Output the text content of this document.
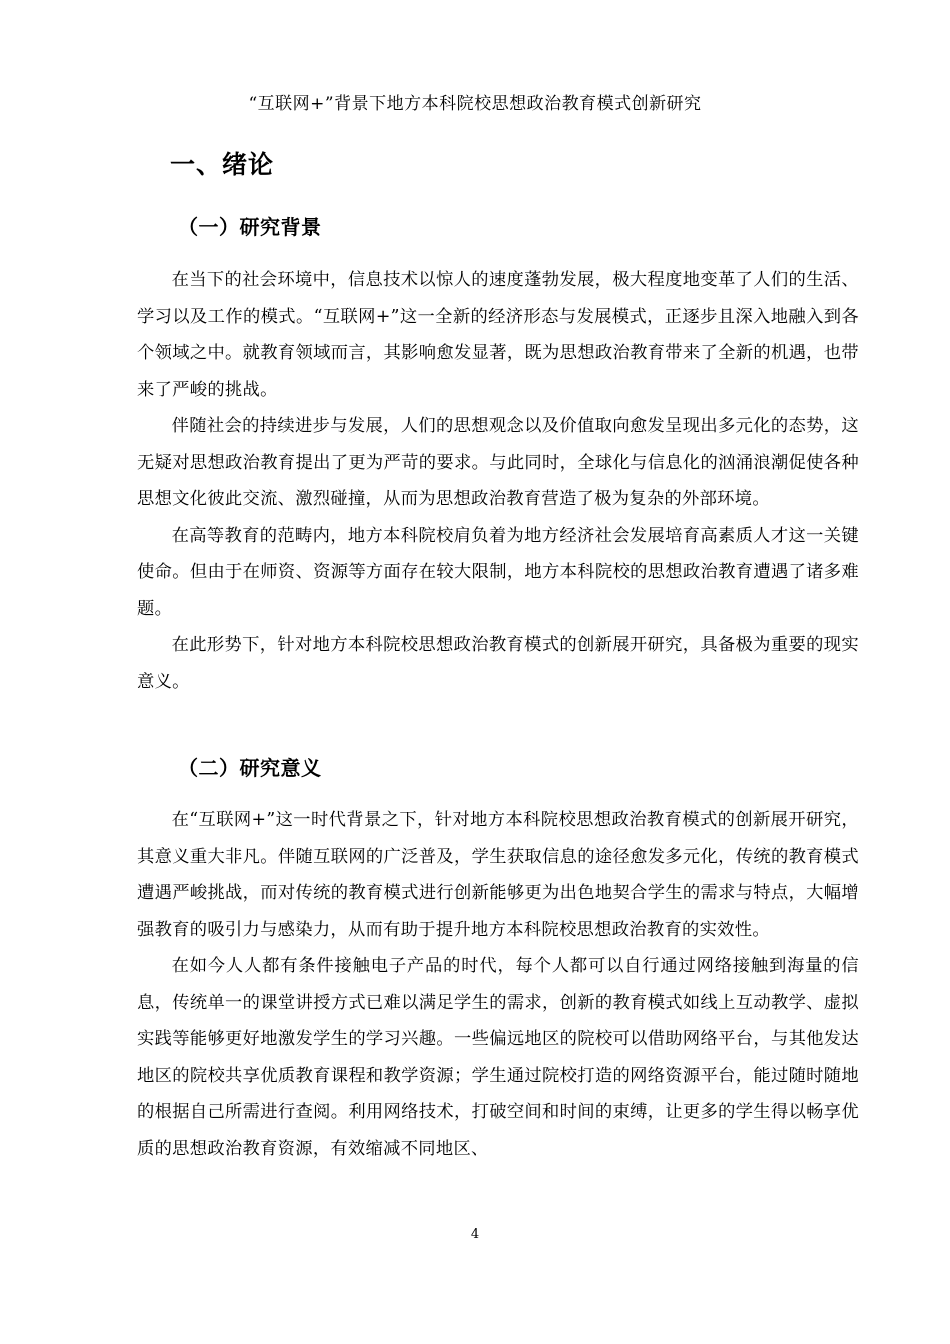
“互联网+”背景下地方本科院校思想政治教育模式创新研究
一、绪论
（一）研究背景

在当下的社会环境中，信息技术以惊人的速度蓬勃发展，极大程度地变革了人们的生活、学习以及工作的模式。“互联网+”这一全新的经济形态与发展模式，正逐步且深入地融入到各个领域之中。就教育领域而言，其影响愈发显著，既为思想政治教育带来了全新的机遇，也带来了严峻的挑战。

伴随社会的持续进步与发展，人们的思想观念以及价值取向愈发呈现出多元化的态势，这无疑对思想政治教育提出了更为严苛的要求。与此同时，全球化与信息化的汹涌浪潮促使各种思想文化彼此交流、激烈碰撞，从而为思想政治教育营造了极为复杂的外部环境。

在高等教育的范畴内，地方本科院校肩负着为地方经济社会发展培育高素质人才这一关键使命。但由于在师资、资源等方面存在较大限制，地方本科院校的思想政治教育遭遇了诸多难题。

在此形势下，针对地方本科院校思想政治教育模式的创新展开研究，具备极为重要的现实意义。

（二）研究意义

在“互联网+”这一时代背景之下，针对地方本科院校思想政治教育模式的创新展开研究，其意义重大非凡。伴随互联网的广泛普及，学生获取信息的途径愈发多元化，传统的教育模式遭遇严峻挑战，而对传统的教育模式进行创新能够更为出色地契合学生的需求与特点，大幅增强教育的吸引力与感染力，从而有助于提升地方本科院校思想政治教育的实效性。

在如今人人都有条件接触电子产品的时代，每个人都可以自行通过网络接触到海量的信息，传统单一的课堂讲授方式已难以满足学生的需求，创新的教育模式如线上互动教学、虚拟实践等能够更好地激发学生的学习兴趣。一些偏远地区的院校可以借助网络平台，与其他发达地区的院校共享优质教育课程和教学资源；学生通过院校打造的网络资源平台，能过随时随地的根据自己所需进行查阅。利用网络技术，打破空间和时间的束缚，让更多的学生得以畅享优质的思想政治教育资源，有效缩减不同地区、

4
